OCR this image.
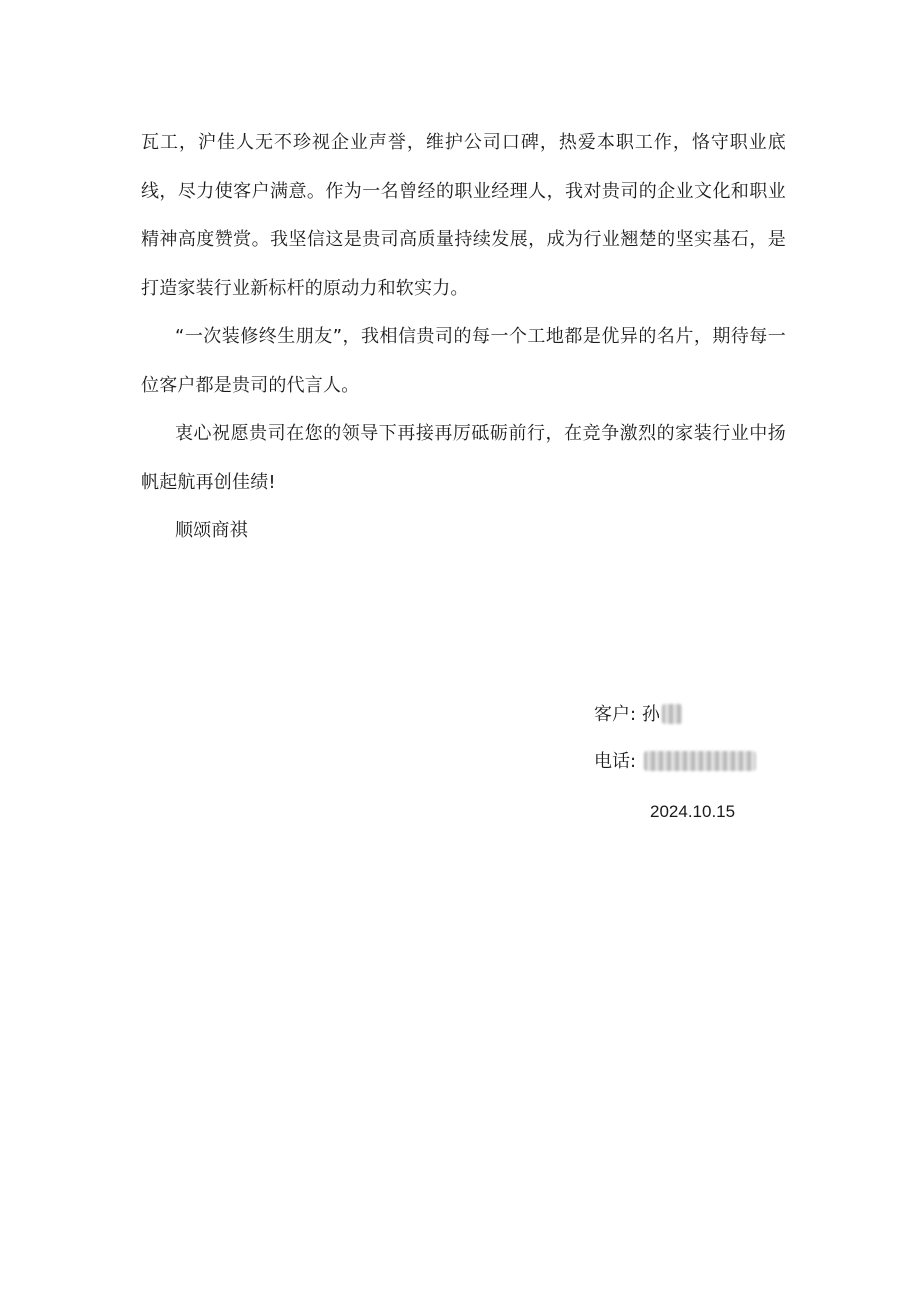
瓦工，沪佳人无不珍视企业声誉，维护公司口碑，热爱本职工作，恪守职业底线，尽力使客户满意。作为一名曾经的职业经理人，我对贵司的企业文化和职业精神高度赞赏。我坚信这是贵司高质量持续发展，成为行业翘楚的坚实基石，是打造家装行业新标杆的原动力和软实力。

“一次装修终生朋友”，我相信贵司的每一个工地都是优异的名片，期待每一位客户都是贵司的代言人。

衷心祝愿贵司在您的领导下再接再厉砥砺前行，在竞争激烈的家装行业中扬帆起航再创佳绩!

顺颂商祺

客户: 孙
电话:
2024.10.15
